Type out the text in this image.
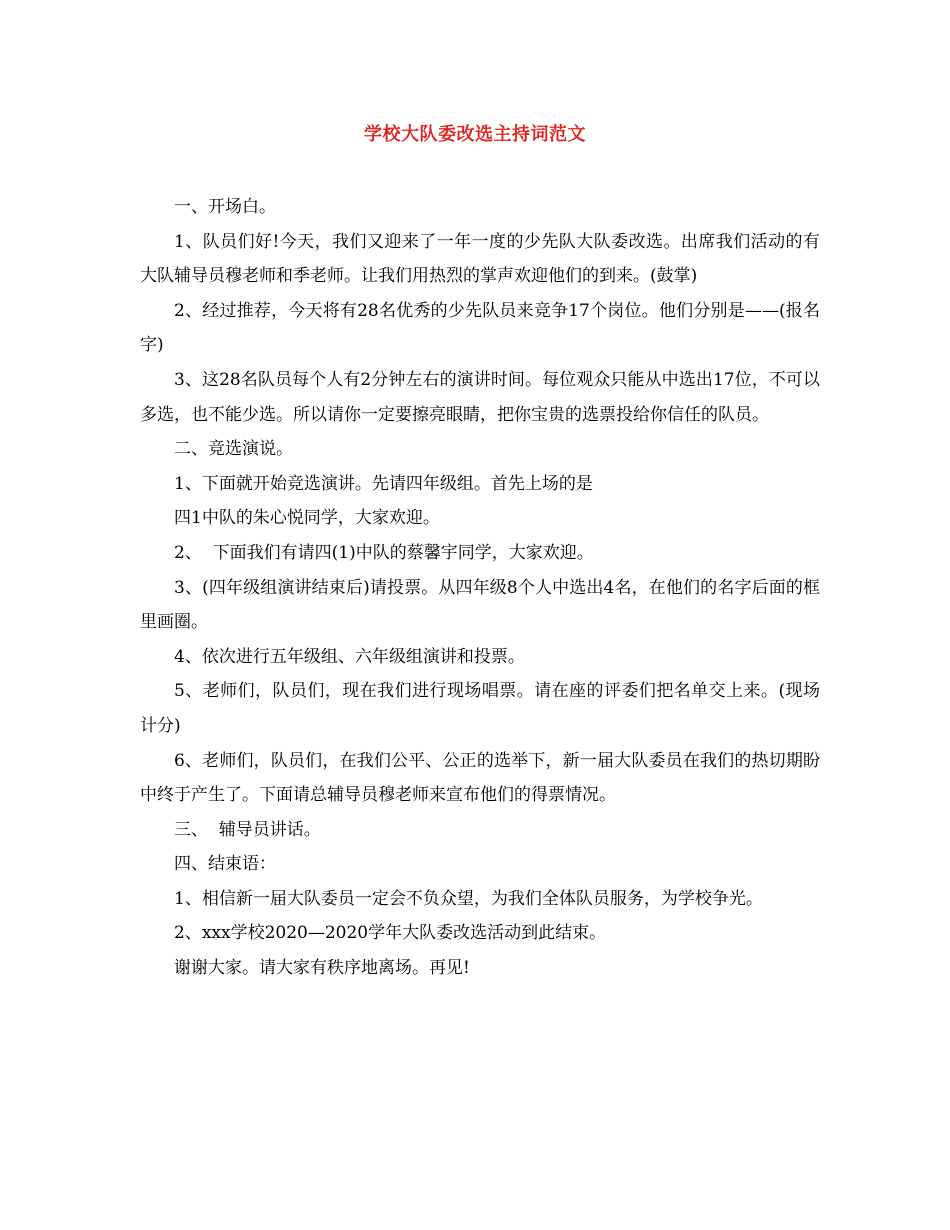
学校大队委改选主持词范文

一、开场白。

1、队员们好!今天，我们又迎来了一年一度的少先队大队委改选。出席我们活动的有大队辅导员穆老师和季老师。让我们用热烈的掌声欢迎他们的到来。(鼓掌)

2、经过推荐，今天将有28名优秀的少先队员来竞争17个岗位。他们分别是——(报名字)

3、这28名队员每个人有2分钟左右的演讲时间。每位观众只能从中选出17位，不可以多选，也不能少选。所以请你一定要擦亮眼睛，把你宝贵的选票投给你信任的队员。

二、竞选演说。

1、下面就开始竞选演讲。先请四年级组。首先上场的是

四1中队的朱心悦同学，大家欢迎。

2、  下面我们有请四(1)中队的蔡馨宇同学，大家欢迎。

3、(四年级组演讲结束后)请投票。从四年级8个人中选出4名，在他们的名字后面的框里画圈。

4、依次进行五年级组、六年级组演讲和投票。

5、老师们，队员们，现在我们进行现场唱票。请在座的评委们把名单交上来。(现场计分)

6、老师们，队员们，在我们公平、公正的选举下，新一届大队委员在我们的热切期盼中终于产生了。下面请总辅导员穆老师来宣布他们的得票情况。

三、  辅导员讲话。

四、结束语：

1、相信新一届大队委员一定会不负众望，为我们全体队员服务，为学校争光。

2、xxx学校2020—2020学年大队委改选活动到此结束。

谢谢大家。请大家有秩序地离场。再见!
